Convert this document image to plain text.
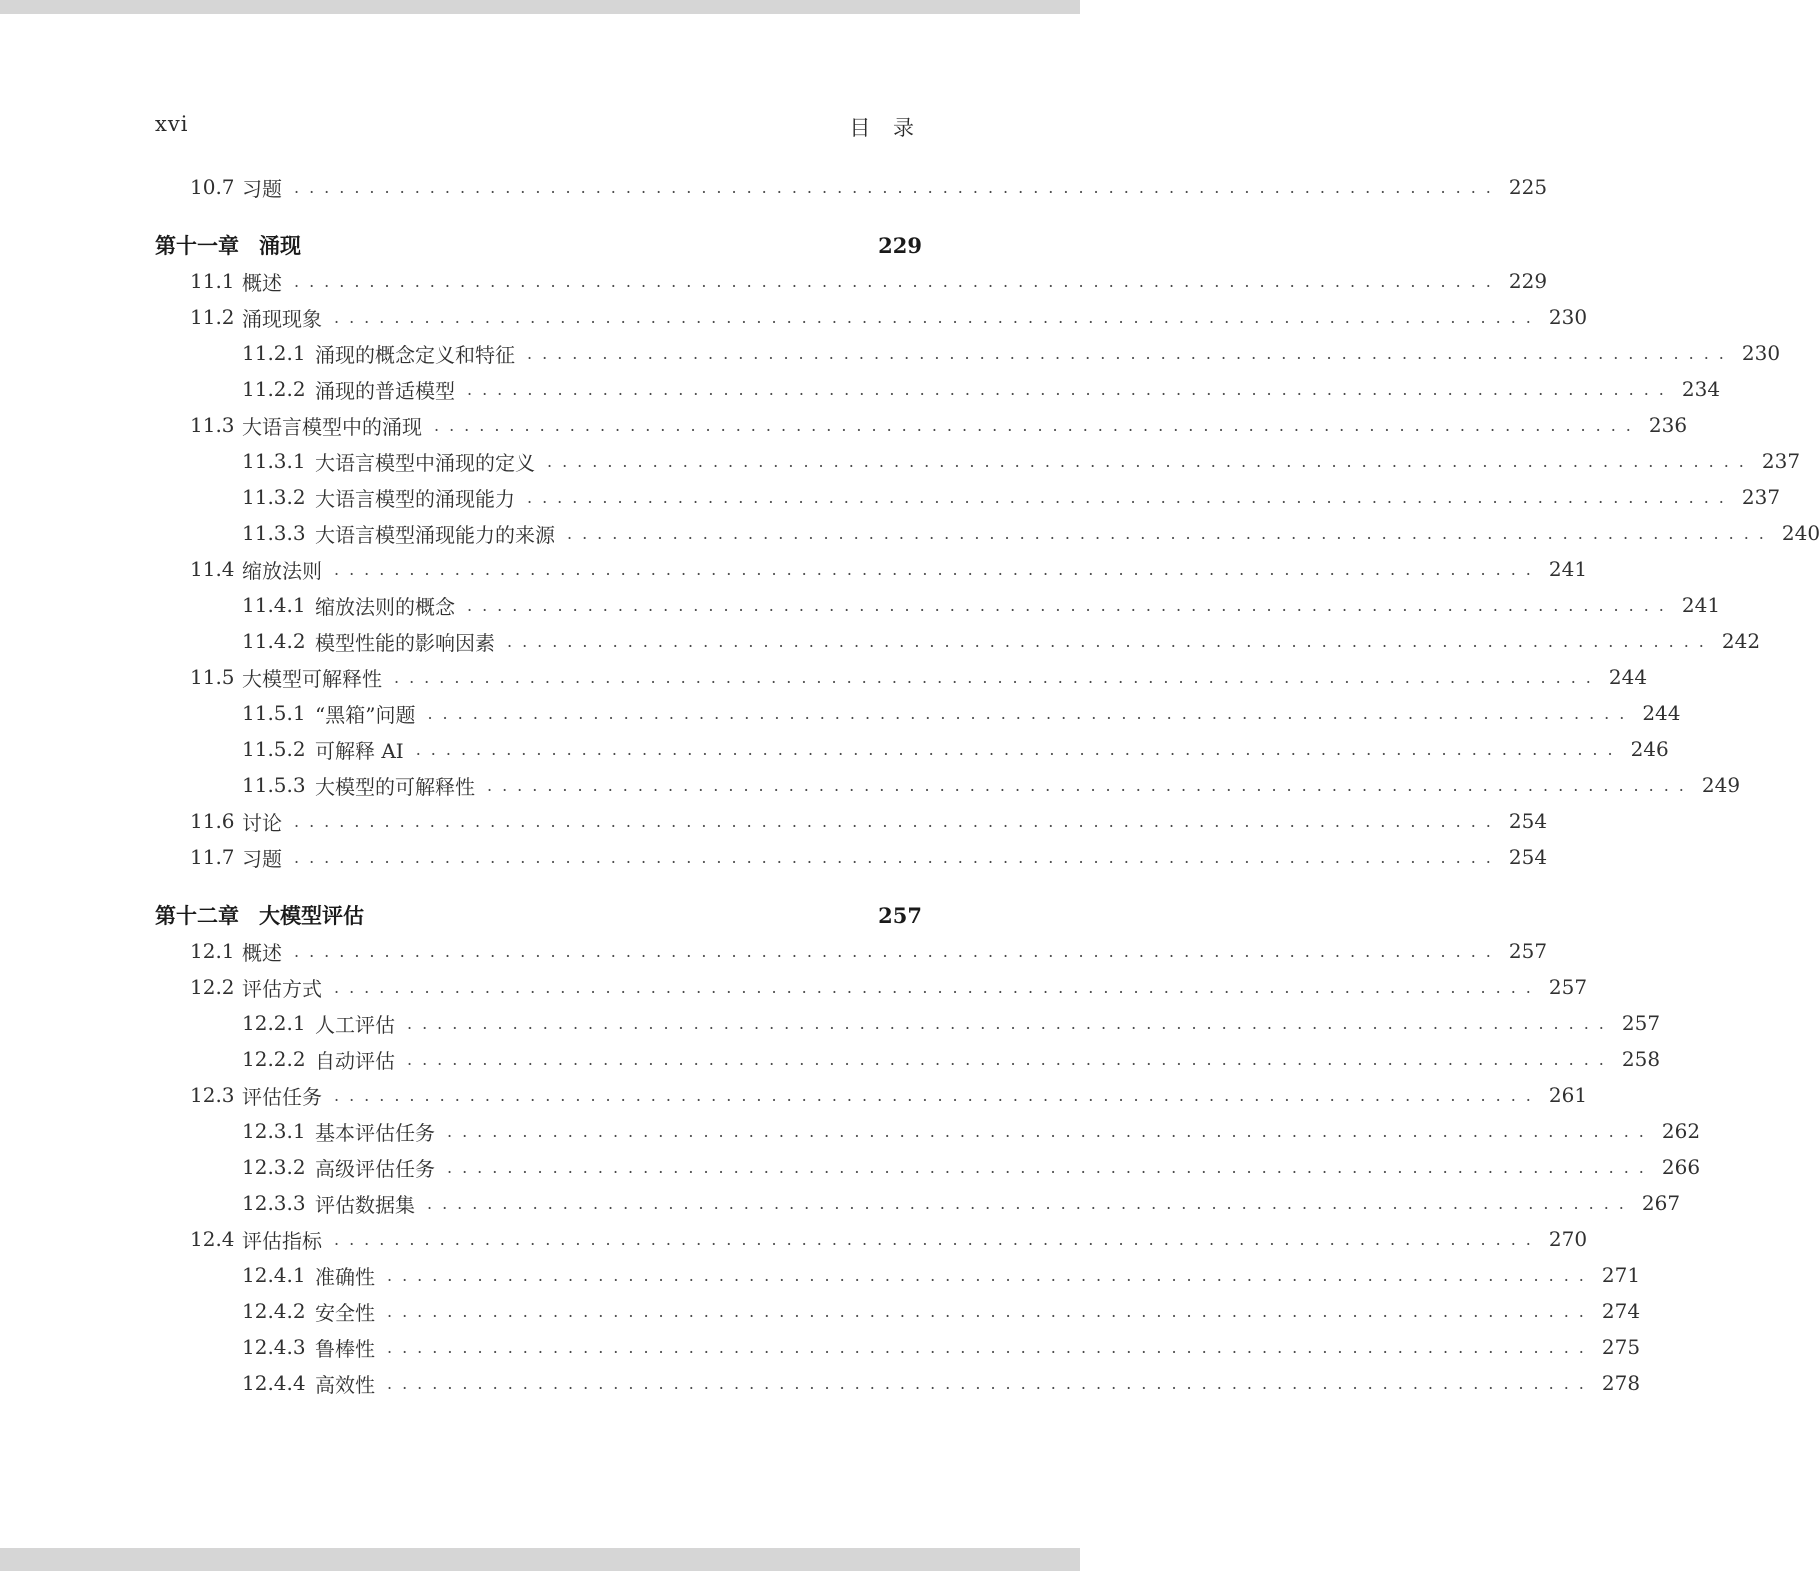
xvi	目 录
10.7 习题 ................................................................................ 225
第十一章 涌现	229
11.1 概述 ................................................................................ 229
11.2 涌现现象 ................................................................................ 230
11.2.1 涌现的概念定义和特征 ................................................................................ 230
11.2.2 涌现的普适模型 ................................................................................ 234
11.3 大语言模型中的涌现 ................................................................................ 236
11.3.1 大语言模型中涌现的定义 ................................................................................ 237
11.3.2 大语言模型的涌现能力 ................................................................................ 237
11.3.3 大语言模型涌现能力的来源 ................................................................................ 240
11.4 缩放法则 ................................................................................ 241
11.4.1 缩放法则的概念 ................................................................................ 241
11.4.2 模型性能的影响因素 ................................................................................ 242
11.5 大模型可解释性 ................................................................................ 244
11.5.1 “黑箱”问题 ................................................................................ 244
11.5.2 可解释 AI ................................................................................ 246
11.5.3 大模型的可解释性 ................................................................................ 249
11.6 讨论 ................................................................................ 254
11.7 习题 ................................................................................ 254
第十二章 大模型评估	257
12.1 概述 ................................................................................ 257
12.2 评估方式 ................................................................................ 257
12.2.1 人工评估 ................................................................................ 257
12.2.2 自动评估 ................................................................................ 258
12.3 评估任务 ................................................................................ 261
12.3.1 基本评估任务 ................................................................................ 262
12.3.2 高级评估任务 ................................................................................ 266
12.3.3 评估数据集 ................................................................................ 267
12.4 评估指标 ................................................................................ 270
12.4.1 准确性 ................................................................................ 271
12.4.2 安全性 ................................................................................ 274
12.4.3 鲁棒性 ................................................................................ 275
12.4.4 高效性 ................................................................................ 278
